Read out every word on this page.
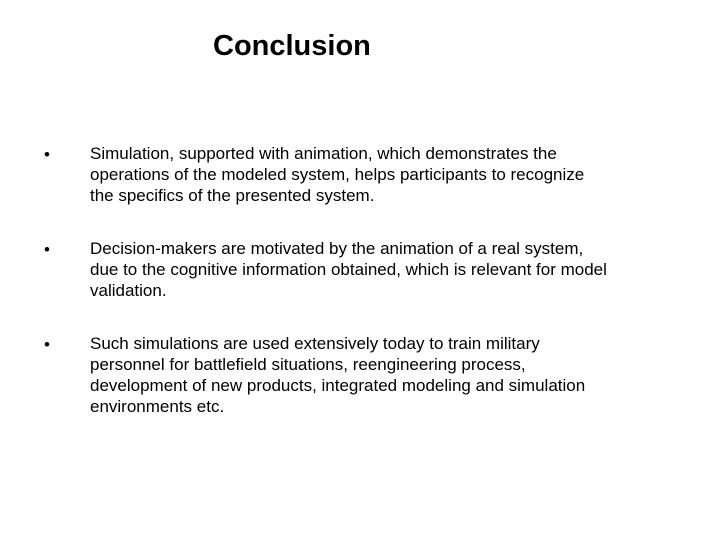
Conclusion
• Simulation, supported with animation, which demonstrates the operations of the modeled system, helps participants to recognize the specifics of the presented system.
• Decision-makers are motivated by the animation of a real system, due to the cognitive information obtained, which is relevant for model validation.
• Such simulations are used extensively today to train military personnel for battlefield situations, reengineering process, development of new products, integrated modeling and simulation environments etc.
